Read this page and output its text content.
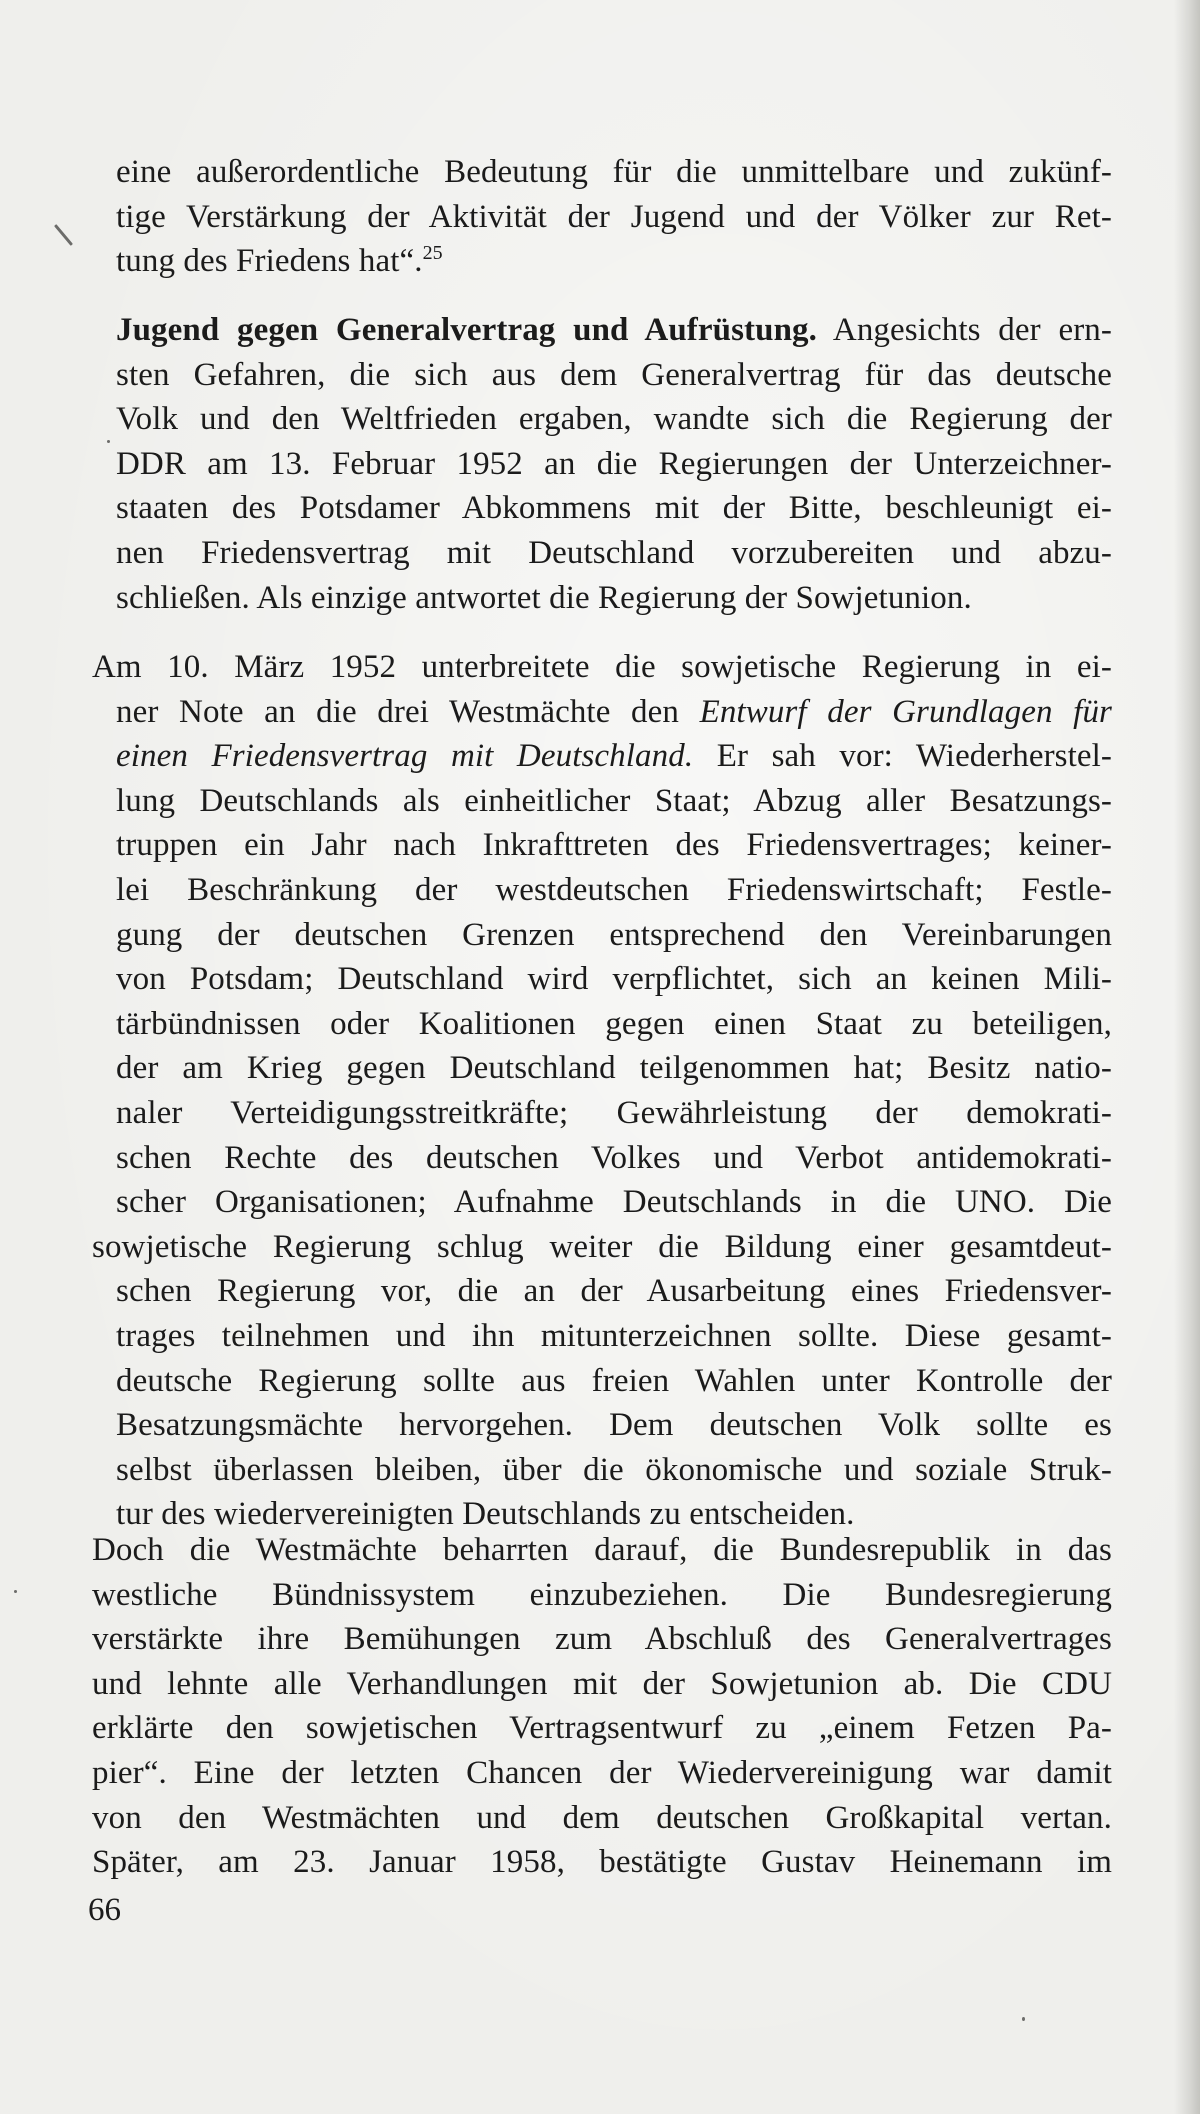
eine außerordentliche Bedeutung für die unmittelbare und zukünf-
tige Verstärkung der Aktivität der Jugend und der Völker zur Ret-
tung des Friedens hat“.$^{25}$
Jugend gegen Generalvertrag und Aufrüstung. Angesichts der ern-
sten Gefahren, die sich aus dem Generalvertrag für das deutsche
Volk und den Weltfrieden ergaben, wandte sich die Regierung der
DDR am 13. Februar 1952 an die Regierungen der Unterzeichner-
staaten des Potsdamer Abkommens mit der Bitte, beschleunigt ei-
nen Friedensvertrag mit Deutschland vorzubereiten und abzu-
schließen. Als einzige antwortet die Regierung der Sowjetunion.
Am 10. März 1952 unterbreitete die sowjetische Regierung in ei-
ner Note an die drei Westmächte den Entwurf der Grundlagen für
einen Friedensvertrag mit Deutschland. Er sah vor: Wiederherstel-
lung Deutschlands als einheitlicher Staat; Abzug aller Besatzungs-
truppen ein Jahr nach Inkrafttreten des Friedensvertrages; keiner-
lei Beschränkung der westdeutschen Friedenswirtschaft; Festle-
gung der deutschen Grenzen entsprechend den Vereinbarungen
von Potsdam; Deutschland wird verpflichtet, sich an keinen Mili-
tärbündnissen oder Koalitionen gegen einen Staat zu beteiligen,
der am Krieg gegen Deutschland teilgenommen hat; Besitz natio-
naler Verteidigungsstreitkräfte; Gewährleistung der demokrati-
schen Rechte des deutschen Volkes und Verbot antidemokrati-
scher Organisationen; Aufnahme Deutschlands in die UNO. Die
sowjetische Regierung schlug weiter die Bildung einer gesamtdeut-
schen Regierung vor, die an der Ausarbeitung eines Friedensver-
trages teilnehmen und ihn mitunterzeichnen sollte. Diese gesamt-
deutsche Regierung sollte aus freien Wahlen unter Kontrolle der
Besatzungsmächte hervorgehen. Dem deutschen Volk sollte es
selbst überlassen bleiben, über die ökonomische und soziale Struk-
tur des wiedervereinigten Deutschlands zu entscheiden.
Doch die Westmächte beharrten darauf, die Bundesrepublik in das
westliche Bündnissystem einzubeziehen. Die Bundesregierung
verstärkte ihre Bemühungen zum Abschluß des Generalvertrages
und lehnte alle Verhandlungen mit der Sowjetunion ab. Die CDU
erklärte den sowjetischen Vertragsentwurf zu „einem Fetzen Pa-
pier“. Eine der letzten Chancen der Wiedervereinigung war damit
von den Westmächten und dem deutschen Großkapital vertan.
Später, am 23. Januar 1958, bestätigte Gustav Heinemann im
66
